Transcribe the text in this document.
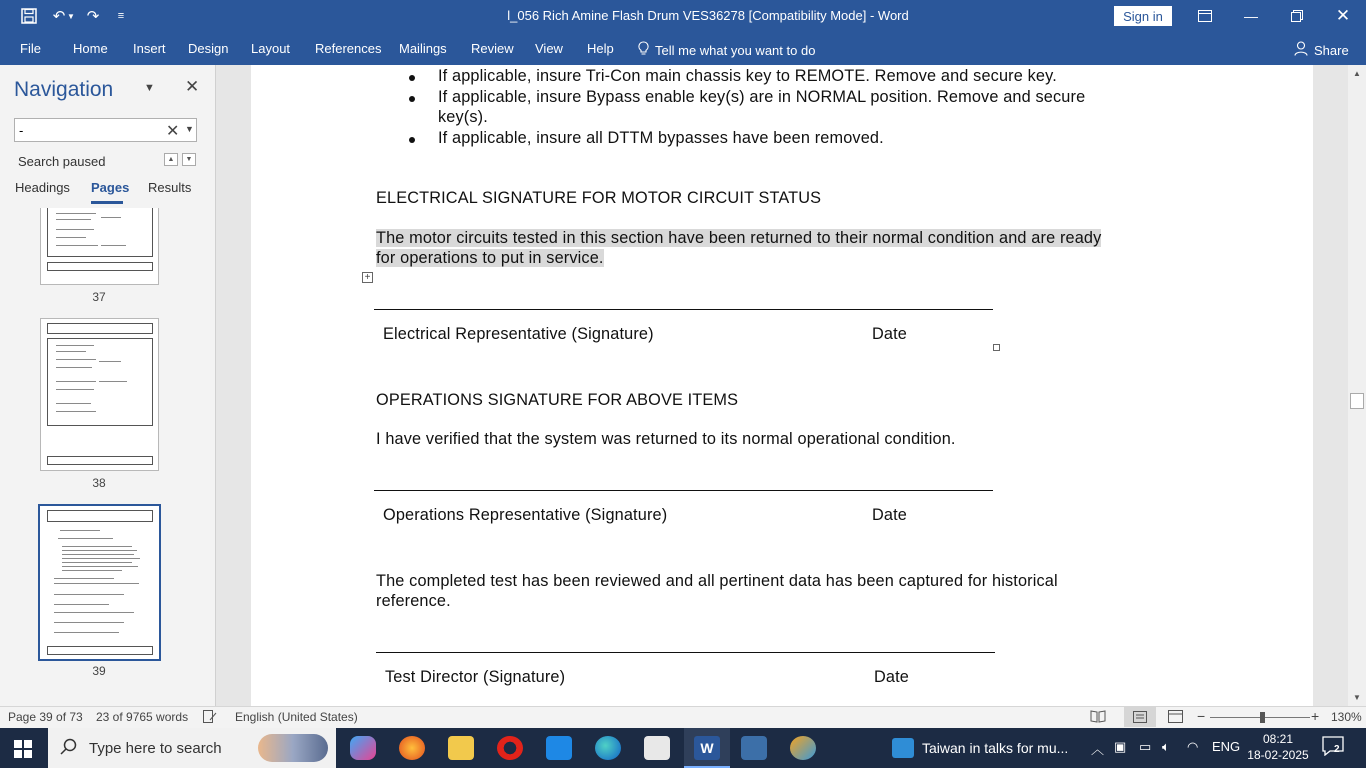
↶ ▼ ↷	≡	l_056 Rich Amine Flash Drum VES36278 [Compatibility Mode] - Word	Sign in	—	✕
File Home Insert Design Layout References Mailings Review View Help	Tell me what you want to do	Share
Navigation	▼ ✕
-
✕ ▼
Search paused	▲	▼
Headings Pages Results
37
38
39
If applicable, insure Tri-Con main chassis key to REMOTE. Remove and secure key.
If applicable, insure Bypass enable key(s) are in NORMAL position. Remove and secure
key(s).
If applicable, insure all DTTM bypasses have been removed.
ELECTRICAL SIGNATURE FOR MOTOR CIRCUIT STATUS
The motor circuits tested in this section have been returned to their normal condition and are ready
for operations to put in service.
+
Electrical Representative (Signature)	Date
OPERATIONS SIGNATURE FOR ABOVE ITEMS
I have verified that the system was returned to its normal operational condition.
Operations Representative (Signature)	Date
The completed test has been reviewed and all pertinent data has been captured for historical
reference.
Test Director (Signature)	Date
▲
▼
Page 39 of 73 23 of 9765 words	English (United States)	−	+ 130%
Type here to search	W	Taiwan in talks for mu... ︿ ▣ ▭ 🔈︎ ◠ ENG	08:21
18-02-2025	2
